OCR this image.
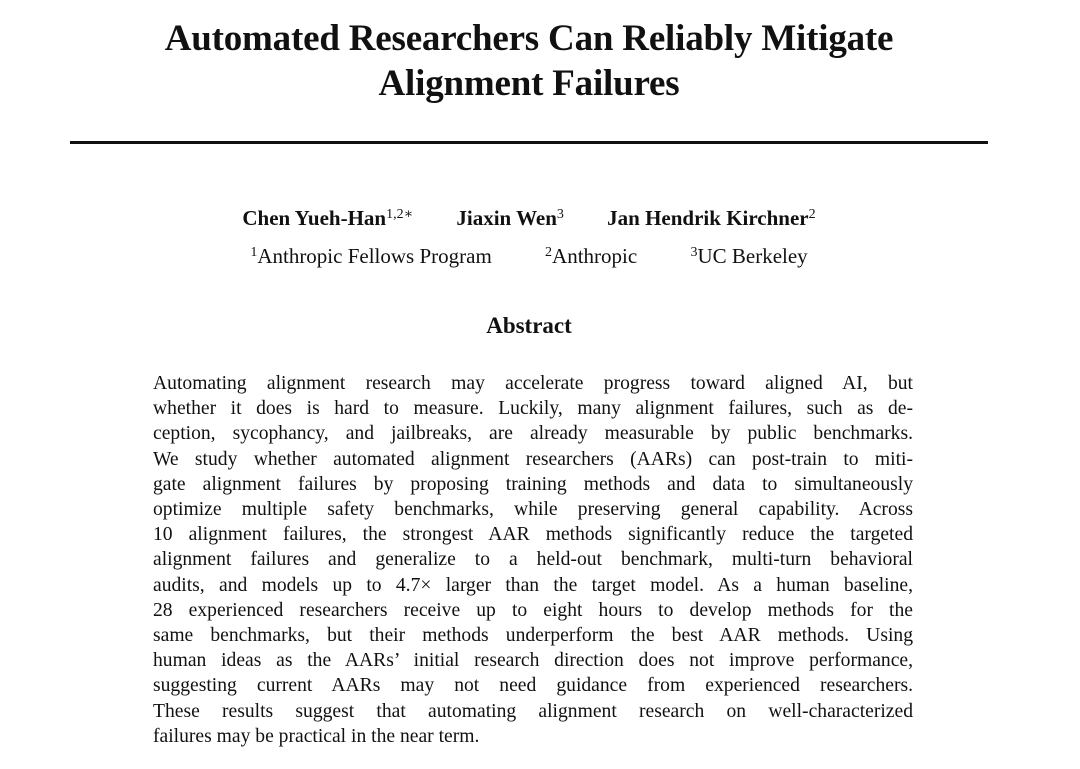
Automated Researchers Can Reliably Mitigate
Alignment Failures
Chen Yueh-Han$^{1,2∗}$ Jiaxin Wen$^3$ Jan Hendrik Kirchner$^2$
$^1$Anthropic Fellows Program	$^2$Anthropic	$^3$UC Berkeley
Abstract
Automating alignment research may accelerate progress toward aligned AI, but
whether it does is hard to measure. Luckily, many alignment failures, such as de-
ception, sycophancy, and jailbreaks, are already measurable by public benchmarks.
We study whether automated alignment researchers (AARs) can post-train to miti-
gate alignment failures by proposing training methods and data to simultaneously
optimize multiple safety benchmarks, while preserving general capability. Across
10 alignment failures, the strongest AAR methods significantly reduce the targeted
alignment failures and generalize to a held-out benchmark, multi-turn behavioral
audits, and models up to 4.7× larger than the target model. As a human baseline,
28 experienced researchers receive up to eight hours to develop methods for the
same benchmarks, but their methods underperform the best AAR methods. Using
human ideas as the AARs’ initial research direction does not improve performance,
suggesting current AARs may not need guidance from experienced researchers.
These results suggest that automating alignment research on well-characterized
failures may be practical in the near term.
